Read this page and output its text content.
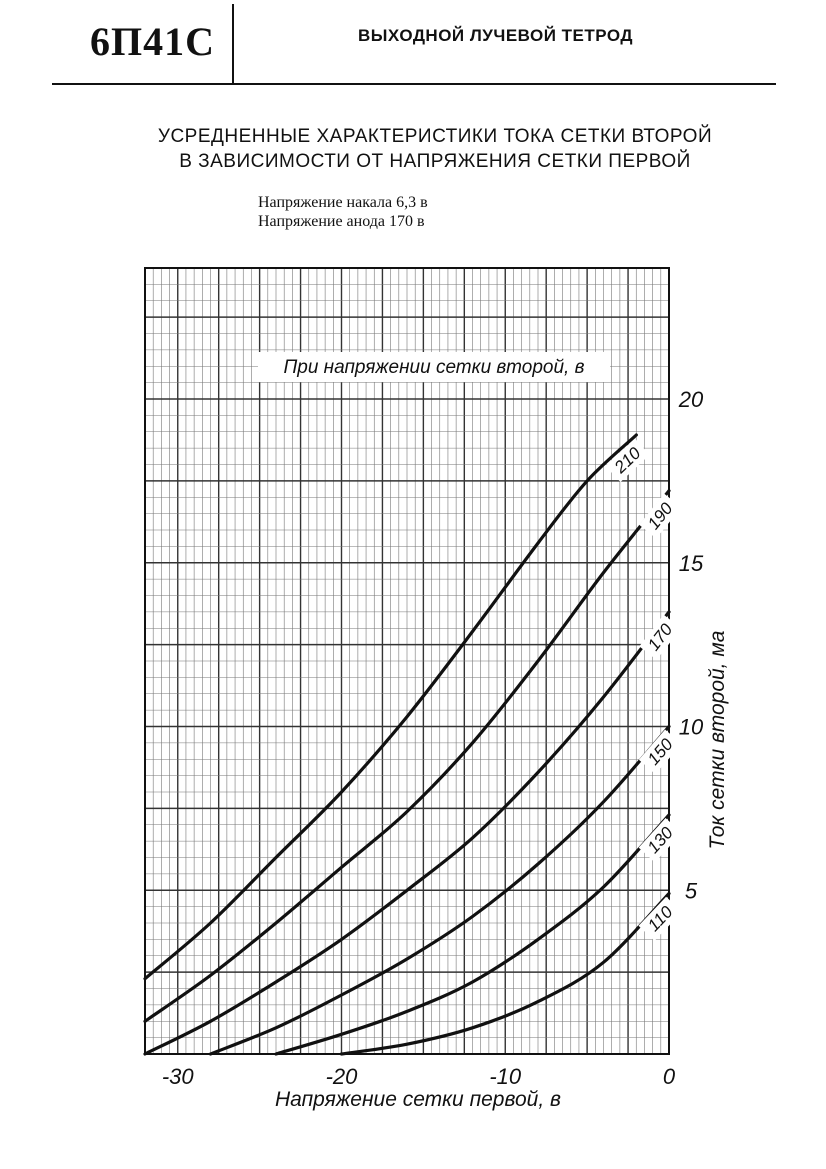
6П41С	ВЫХОДНОЙ ЛУЧЕВОЙ ТЕТРОД
УСРЕДНЕННЫЕ ХАРАКТЕРИСТИКИ ТОКА СЕТКИ ВТОРОЙ
В ЗАВИСИМОСТИ ОТ НАПРЯЖЕНИЯ СЕТКИ ПЕРВОЙ
Напряжение накала 6,3 в
Напряжение анода 170 в
210
190
170
150
130
110
При напряжении сетки второй, в
-30	-20	-10	0
5
10
15
20
Ток сетки второй, ма
Напряжение сетки первой, в
